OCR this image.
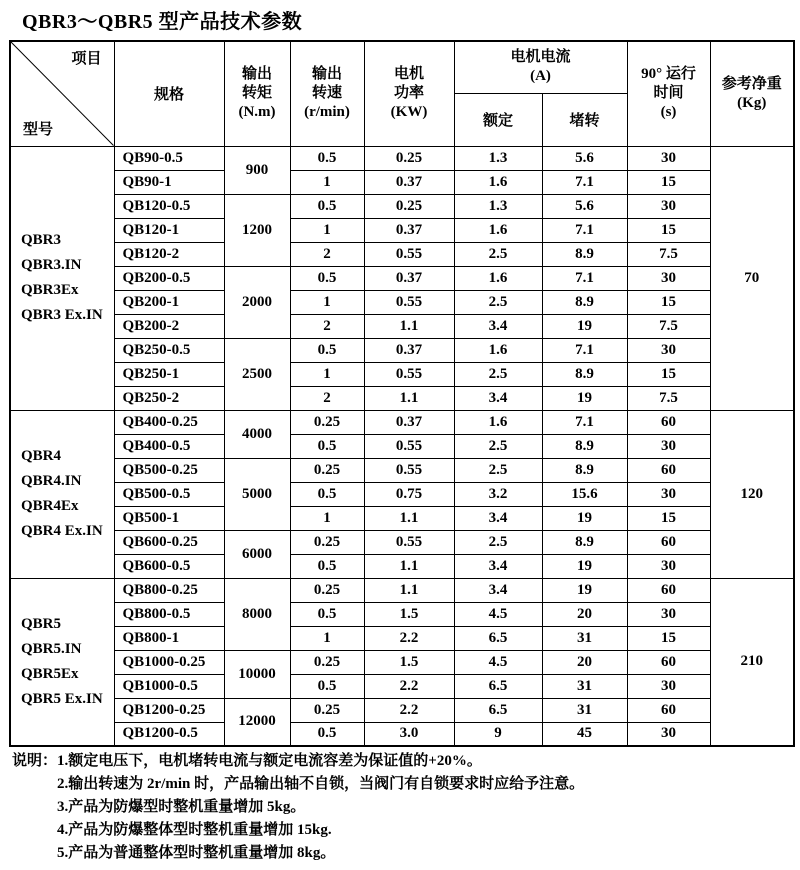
QBR3～QBR5 型产品技术参数
项目
型号
	规格	
输出
转矩
(N.m)

输出
转速
(r/min)

电机
功率
(KW)

电机电流
(A)	90° 运行
时间
(s)

参考净重
(Kg)

					额定	堵转		

QBR3
QBR3.IN
QBR3Ex
QBR3 Ex.IN	QB90-0.5	900	0.5	0.25	1.3	5.6	30	70
	QB90-1		1	0.37	1.6	7.1	15	
	QB120-0.5	1200	0.5	0.25	1.3	5.6	30	
	QB120-1		1	0.37	1.6	7.1	15	
	QB120-2		2	0.55	2.5	8.9	7.5	
	QB200-0.5	2000	0.5	0.37	1.6	7.1	30	
	QB200-1		1	0.55	2.5	8.9	15	
	QB200-2		2	1.1	3.4	19	7.5	
	QB250-0.5	2500	0.5	0.37	1.6	7.1	30	
	QB250-1		1	0.55	2.5	8.9	15	
	QB250-2		2	1.1	3.4	19	7.5	

QBR4
QBR4.IN
QBR4Ex
QBR4 Ex.IN	QB400-0.25	4000	0.25	0.37	1.6	7.1	60	120
	QB400-0.5		0.5	0.55	2.5	8.9	30	
	QB500-0.25	5000	0.25	0.55	2.5	8.9	60	
	QB500-0.5		0.5	0.75	3.2	15.6	30	
	QB500-1		1	1.1	3.4	19	15	
	QB600-0.25	6000	0.25	0.55	2.5	8.9	60	
	QB600-0.5		0.5	1.1	3.4	19	30	

QBR5
QBR5.IN
QBR5Ex
QBR5 Ex.IN	QB800-0.25	8000	0.25	1.1	3.4	19	60	210
	QB800-0.5		0.5	1.5	4.5	20	30	
	QB800-1		1	2.2	6.5	31	15	
	QB1000-0.25	10000	0.25	1.5	4.5	20	60	
	QB1000-0.5		0.5	2.2	6.5	31	30	
	QB1200-0.25	12000	0.25	2.2	6.5	31	60	
	QB1200-0.5		0.5	3.0	9	45	30	
说明：1.额定电压下，电机堵转电流与额定电流容差为保证值的+20%。
2.输出转速为 2r/min 时，产品输出轴不自锁，当阀门有自锁要求时应给予注意。
3.产品为防爆型时整机重量增加 5kg。
4.产品为防爆整体型时整机重量增加 15kg.
5.产品为普通整体型时整机重量增加 8kg。
